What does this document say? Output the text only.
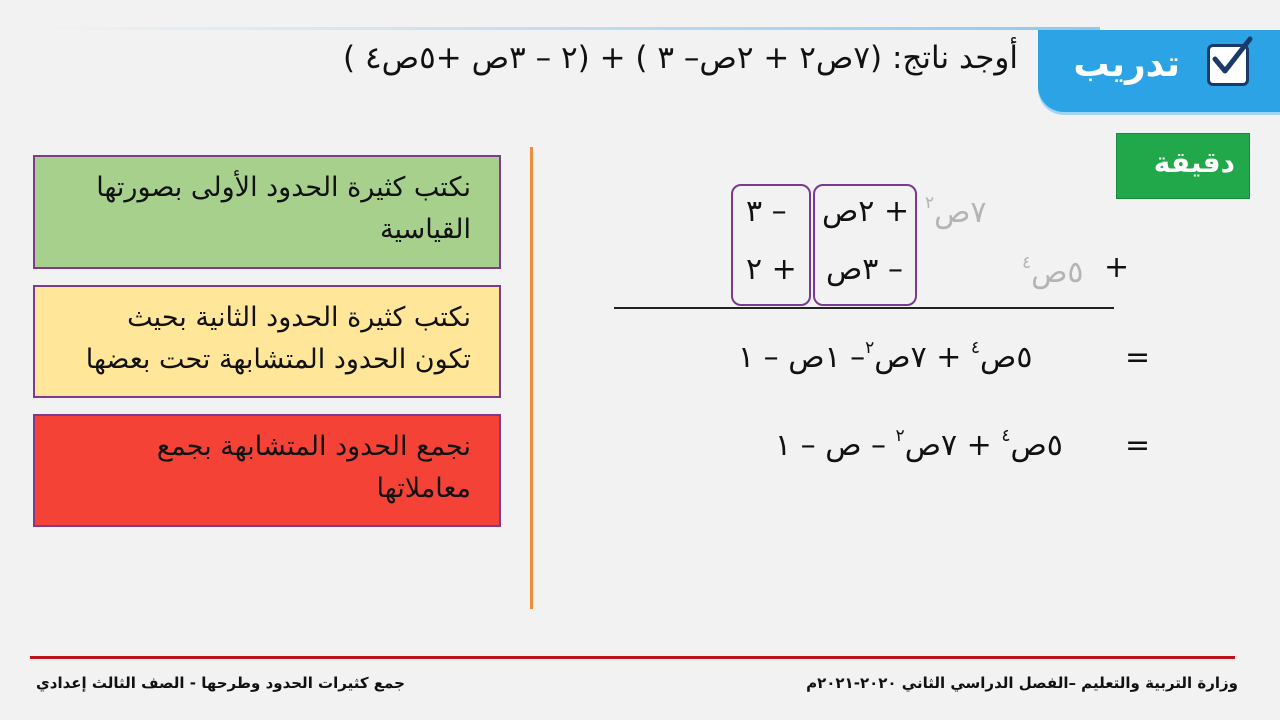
تدريب
أوجد ناتج: (٧ص٢ + ٢ص– ٣ ) + (٢ – ٣ص +٥ص٤ )
دقيقة
نكتب كثيرة الحدود الأولى بصورتها القياسية
نكتب كثيرة الحدود الثانية بحيث تكون الحدود المتشابهة تحت بعضها
نجمع الحدود المتشابهة بجمع معاملاتها
٧ص$^٢$
+ ٢ص
– ٣
+
٥ص$^٤$
– ٣ص
+ ٢
=
٥ص$^٤$ + ٧ص$^٢$– ١ص – ١
=
٥ص$^٤$ + ٧ص$^٢$ – ص – ١
وزارة التربية والتعليم –الفصل الدراسي الثاني ٢٠٢٠-٢٠٢١م
جمع كثيرات الحدود وطرحها - الصف الثالث إعدادي
